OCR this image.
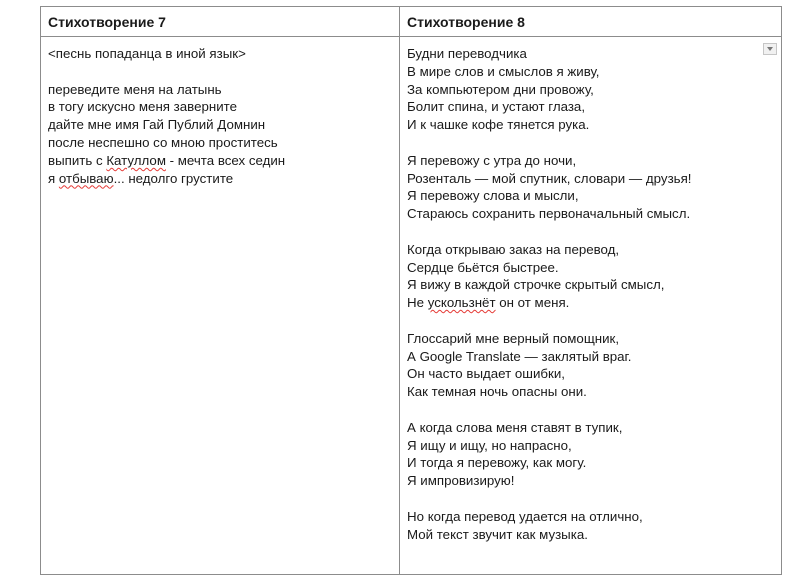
Стихотворение 7	Стихотворение 8
<песнь попаданца в иной язык>
переведите меня на латынь
в тогу искусно меня заверните
дайте мне имя Гай Публий Домнин
после неспешно со мною проститесь
выпить с Катуллом - мечта всех седин
я отбываю... недолго грустите
Будни переводчика
В мире слов и смыслов я живу,
За компьютером дни провожу,
Болит спина, и устают глаза,
И к чашке кофе тянется рука.
Я перевожу с утра до ночи,
Розенталь — мой спутник, словари — друзья!
Я перевожу слова и мысли,
Стараюсь сохранить первоначальный смысл.
Когда открываю заказ на перевод,
Сердце бьётся быстрее.
Я вижу в каждой строчке скрытый смысл,
Не ускользнёт он от меня.
Глоссарий мне верный помощник,
А Google Translate — заклятый враг.
Он часто выдает ошибки,
Как темная ночь опасны они.
А когда слова меня ставят в тупик,
Я ищу и ищу, но напрасно,
И тогда я перевожу, как могу.
Я импровизирую!
Но когда перевод удается на отлично,
Мой текст звучит как музыка.
